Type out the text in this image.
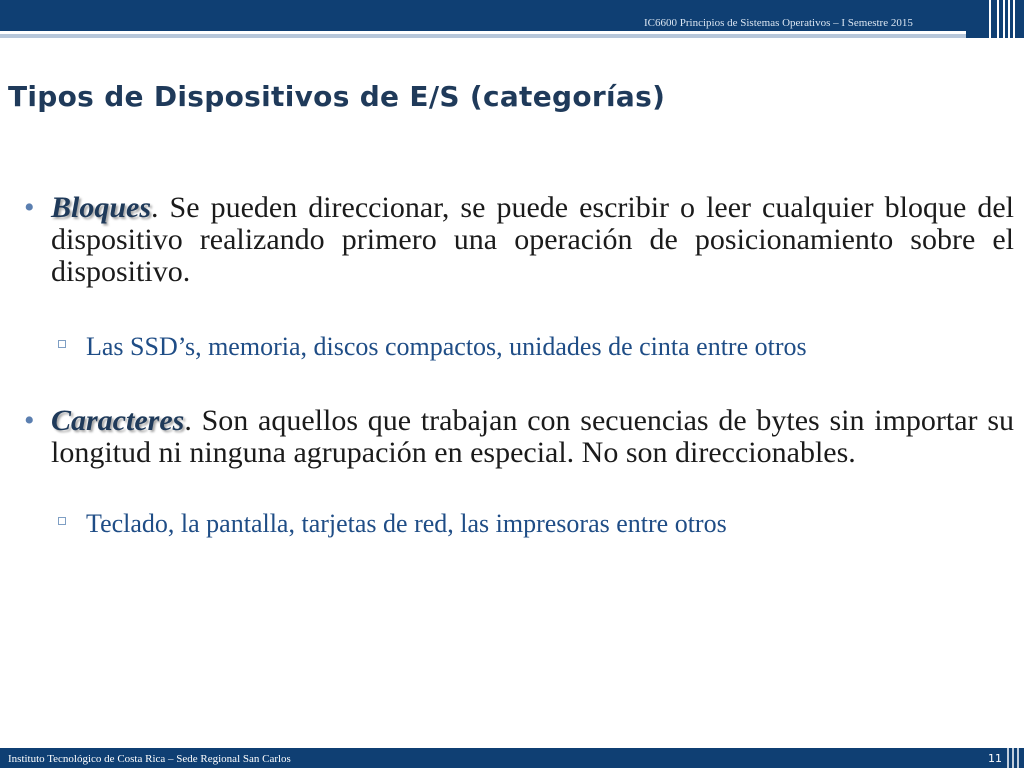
IC6600 Principios de Sistemas Operativos – I Semestre 2015
Tipos de Dispositivos de E/S (categorías)
• Bloques. Se pueden direccionar, se puede escribir o leer cualquier bloque del dispositivo realizando primero una operación de posicionamiento sobre el dispositivo.
Las SSD’s, memoria, discos compactos, unidades de cinta entre otros
• Caracteres. Son aquellos que trabajan con secuencias de bytes sin importar su longitud ni ninguna agrupación en especial. No son direccionables.
Teclado, la pantalla, tarjetas de red, las impresoras entre otros
Instituto Tecnológico de Costa Rica – Sede Regional San Carlos	11
